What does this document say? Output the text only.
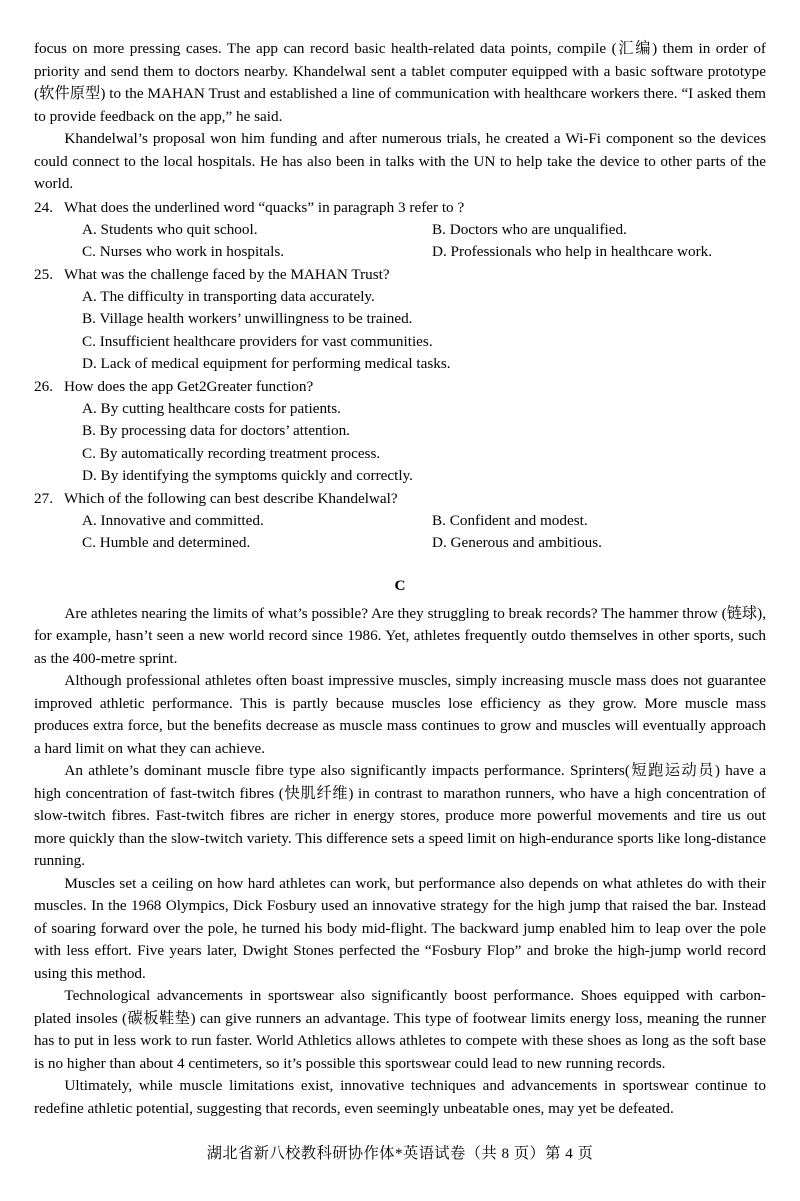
focus on more pressing cases. The app can record basic health-related data points, compile (汇编) them in order of priority and send them to doctors nearby. Khandelwal sent a tablet computer equipped with a basic software prototype (软件原型) to the MAHAN Trust and established a line of communication with healthcare workers there. “I asked them to provide feedback on the app,” he said.

Khandelwal’s proposal won him funding and after numerous trials, he created a Wi-Fi component so the devices could connect to the local hospitals. He has also been in talks with the UN to help take the device to other parts of the world.

24. What does the underlined word “quacks” in paragraph 3 refer to ?
A. Students who quit school.	B. Doctors who are unqualified.
C. Nurses who work in hospitals.	D. Professionals who help in healthcare work.
25. What was the challenge faced by the MAHAN Trust?
A. The difficulty in transporting data accurately.
B. Village health workers’ unwillingness to be trained.
C. Insufficient healthcare providers for vast communities.
D. Lack of medical equipment for performing medical tasks.
26. How does the app Get2Greater function?
A. By cutting healthcare costs for patients.
B. By processing data for doctors’ attention.
C. By automatically recording treatment process.
D. By identifying the symptoms quickly and correctly.
27. Which of the following can best describe Khandelwal?
A. Innovative and committed.	B. Confident and modest.
C. Humble and determined.	D. Generous and ambitious.
C

Are athletes nearing the limits of what’s possible? Are they struggling to break records? The hammer throw (链球), for example, hasn’t seen a new world record since 1986. Yet, athletes frequently outdo themselves in other sports, such as the 400-metre sprint.

Although professional athletes often boast impressive muscles, simply increasing muscle mass does not guarantee improved athletic performance. This is partly because muscles lose efficiency as they grow. More muscle mass produces extra force, but the benefits decrease as muscle mass continues to grow and muscles will eventually approach a hard limit on what they can achieve.

An athlete’s dominant muscle fibre type also significantly impacts performance. Sprinters(短跑运动员) have a high concentration of fast-twitch fibres (快肌纤维) in contrast to marathon runners, who have a high concentration of slow-twitch fibres. Fast-twitch fibres are richer in energy stores, produce more powerful movements and tire us out more quickly than the slow-twitch variety. This difference sets a speed limit on high-endurance sports like long-distance running.

Muscles set a ceiling on how hard athletes can work, but performance also depends on what athletes do with their muscles. In the 1968 Olympics, Dick Fosbury used an innovative strategy for the high jump that raised the bar. Instead of soaring forward over the pole, he turned his body mid-flight. The backward jump enabled him to leap over the pole with less effort. Five years later, Dwight Stones perfected the “Fosbury Flop” and broke the high-jump world record using this method.

Technological advancements in sportswear also significantly boost performance. Shoes equipped with carbon-plated insoles (碳板鞋垫) can give runners an advantage. This type of footwear limits energy loss, meaning the runner has to put in less work to run faster. World Athletics allows athletes to compete with these shoes as long as the soft base is no higher than about 4 centimeters, so it’s possible this sportswear could lead to new running records.

Ultimately, while muscle limitations exist, innovative techniques and advancements in sportswear continue to redefine athletic potential, suggesting that records, even seemingly unbeatable ones, may yet be defeated.

湖北省新八校教科研协作体*英语试卷（共 8 页）第 4 页
